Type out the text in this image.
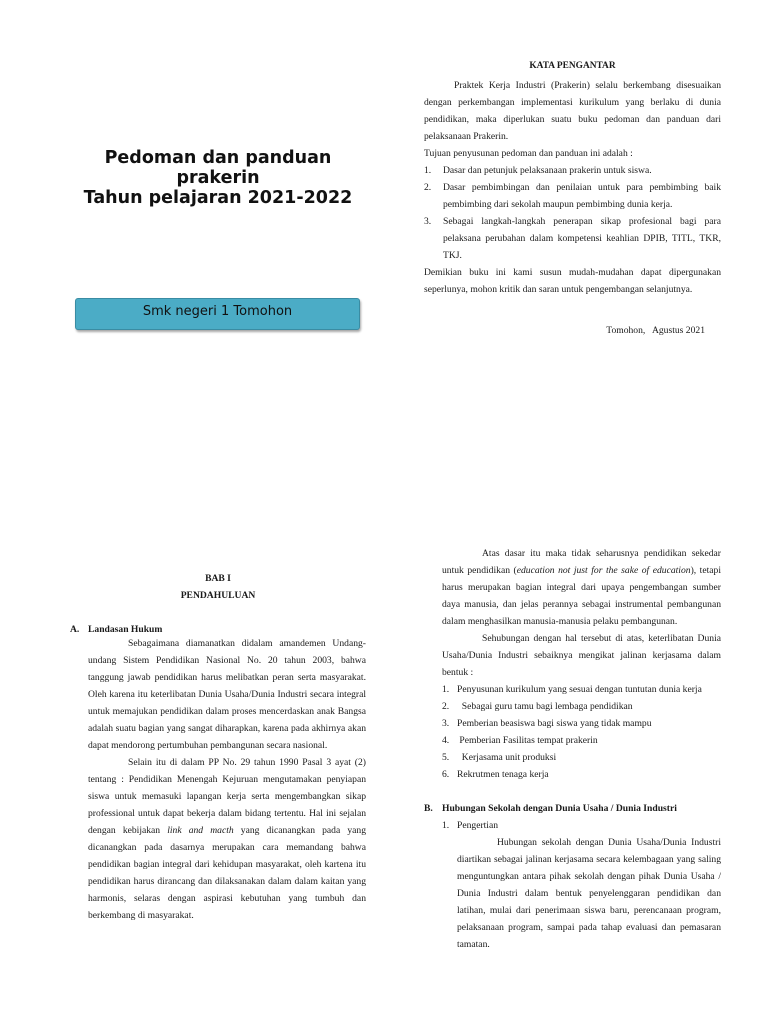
Pedoman dan panduan
prakerin
Tahun pelajaran 2021-2022
Smk negeri 1 Tomohon
KATA PENGANTAR
Praktek Kerja Industri (Prakerin) selalu berkembang disesuaikan dengan perkembangan implementasi kurikulum yang berlaku di dunia pendidikan, maka diperlukan suatu buku pedoman dan panduan dari pelaksanaan Prakerin.
Tujuan penyusunan pedoman dan panduan ini adalah :
1.	Dasar dan petunjuk pelaksanaan prakerin untuk siswa.
2.	Dasar pembimbingan dan penilaian untuk para pembimbing baik pembimbing dari sekolah maupun pembimbing dunia kerja.
3.	Sebagai langkah-langkah penerapan sikap profesional bagi para pelaksana perubahan dalam kompetensi keahlian DPIB, TITL, TKR, TKJ.
Demikian buku ini kami susun mudah-mudahan dapat dipergunakan seperlunya, mohon kritik dan saran untuk pengembangan selanjutnya.
Tomohon,   Agustus 2021
BAB I
PENDAHULUAN
A. Landasan Hukum

Sebagaimana diamanatkan didalam amandemen Undang-undang Sistem Pendidikan Nasional No. 20 tahun 2003, bahwa tanggung jawab pendidikan harus melibatkan peran serta masyarakat. Oleh karena itu keterlibatan Dunia Usaha/Dunia Industri secara integral untuk memajukan pendidikan dalam proses mencerdaskan anak Bangsa adalah suatu bagian yang sangat diharapkan, karena pada akhirnya akan dapat mendorong pertumbuhan pembangunan secara nasional.

Selain itu di dalam PP No. 29 tahun 1990 Pasal 3 ayat (2) tentang : Pendidikan Menengah Kejuruan mengutamakan penyiapan siswa untuk memasuki lapangan kerja serta mengembangkan sikap professional untuk dapat bekerja dalam bidang tertentu. Hal ini sejalan dengan kebijakan link and macth yang dicanangkan pada yang dicanangkan pada dasarnya merupakan cara memandang bahwa pendidikan bagian integral dari kehidupan masyarakat, oleh kartena itu pendidikan harus dirancang dan dilaksanakan dalam dalam kaitan yang harmonis, selaras dengan aspirasi kebutuhan yang tumbuh dan berkembang di masyarakat.

Atas dasar itu maka tidak seharusnya pendidikan sekedar untuk pendidikan (education not just for the sake of education), tetapi harus merupakan bagian integral dari upaya pengembangan sumber daya manusia, dan jelas perannya sebagai instrumental pembangunan dalam menghasilkan manusia-manusia pelaku pembangunan.

Sehubungan dengan hal tersebut di atas, keterlibatan Dunia Usaha/Dunia Industri sebaiknya mengikat jalinan kerjasama dalam bentuk :

1. Penyusunan kurikulum yang sesuai dengan tuntutan dunia kerja
2. Sebagai guru tamu bagi lembaga pendidikan
3. Pemberian beasiswa bagi siswa yang tidak mampu
4. Pemberian Fasilitas tempat prakerin
5. Kerjasama unit produksi
6. Rekrutmen tenaga kerja
B. Hubungan Sekolah dengan Dunia Usaha / Dunia Industri
1. Pengertian
Hubungan sekolah dengan Dunia Usaha/Dunia Industri diartikan sebagai jalinan kerjasama secara kelembagaan yang saling menguntungkan antara pihak sekolah dengan pihak Dunia Usaha / Dunia Industri dalam bentuk penyelenggaran pendidikan dan latihan, mulai dari penerimaan siswa baru, perencanaan program, pelaksanaan program, sampai pada tahap evaluasi dan pemasaran tamatan.
